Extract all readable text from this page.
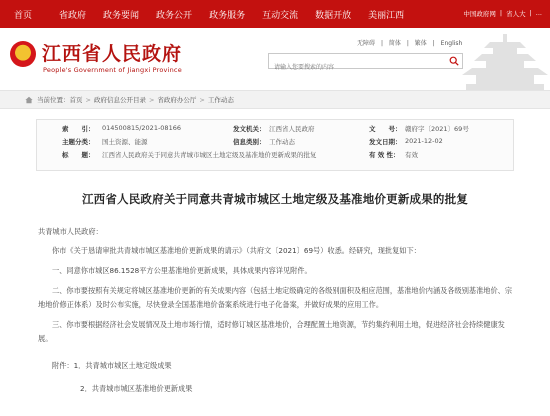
首页	省政府 政务要闻 政务公开 政务服务 互动交流 数据开放 美丽江西	中国政府网 | 省人大 | ...
江西省人民政府
People's Government of Jiangxi Province
无障碍 | 简体 | 繁体 | English
请输入您要搜索的内容
当前位置： 首页 > 政府信息公开目录 > 省政府办公厅 > 工作动态
索　　引： 014500815/2021-08166	发文机关： 江西省人民政府	文　　号： 赣府字〔2021〕69号
主题分类： 国土资源、能源	信息类别： 工作动态	发文日期： 2021-12-02
标　　题： 江西省人民政府关于同意共青城市城区土地定级及基准地价更新成果的批复	有 效 性： 有效
江西省人民政府关于同意共青城市城区土地定级及基准地价更新成果的批复

共青城市人民政府：

你市《关于恳请审批共青城市城区基准地价更新成果的请示》（共府文〔2021〕69号）收悉。经研究，现批复如下：

一、同意你市城区86.1528平方公里基准地价更新成果，具体成果内容详见附件。

二、你市要按照有关规定将城区基准地价更新的有关成果内容（包括土地定级确定的各级别面积及相应范围，基准地价内涵及各级别基准地价、宗地地价修正体系）及时公布实施，尽快登录全国基准地价备案系统进行电子化备案，并做好成果的应用工作。

三、你市要根据经济社会发展情况及土地市场行情，适时修订城区基准地价，合理配置土地资源，节约集约利用土地，促进经济社会持续健康发展。

附件：1．共青城市城区土地定级成果
2．共青城市城区基准地价更新成果
